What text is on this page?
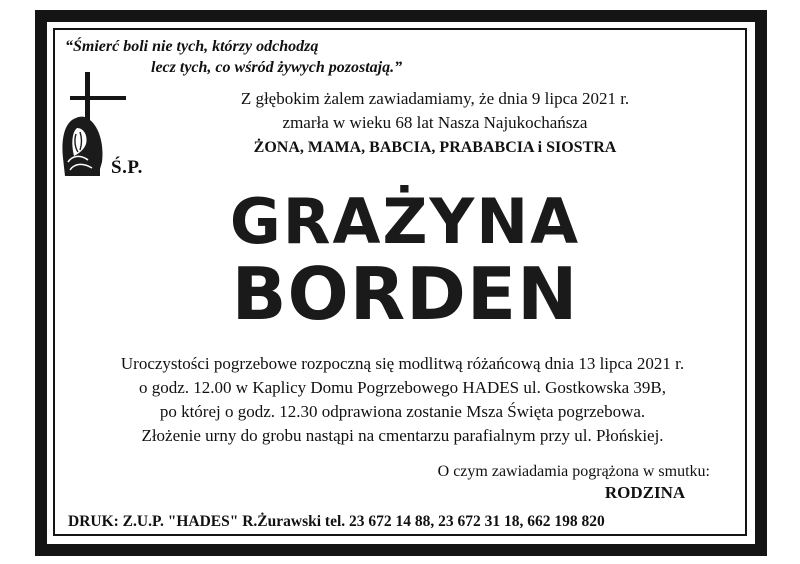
“Śmierć boli nie tych, którzy odchodzą
lecz tych, co wśród żywych pozostają.”
Ś.P.
Z głębokim żalem zawiadamiamy, że dnia 9 lipca 2021 r.
zmarła w wieku 68 lat Nasza Najukochańsza
ŻONA, MAMA, BABCIA, PRABABCIA i SIOSTRA
GRAŻYNA
BORDEN
Uroczystości pogrzebowe rozpoczną się modlitwą różańcową dnia 13 lipca 2021 r.
o godz. 12.00 w Kaplicy Domu Pogrzebowego HADES ul. Gostkowska 39B,
po której o godz. 12.30 odprawiona zostanie Msza Święta pogrzebowa.
Złożenie urny do grobu nastąpi na cmentarzu parafialnym przy ul. Płońskiej.
O czym zawiadamia pogrążona w smutku:
RODZINA
DRUK: Z.U.P. "HADES" R.Żurawski tel. 23 672 14 88, 23 672 31 18, 662 198 820
